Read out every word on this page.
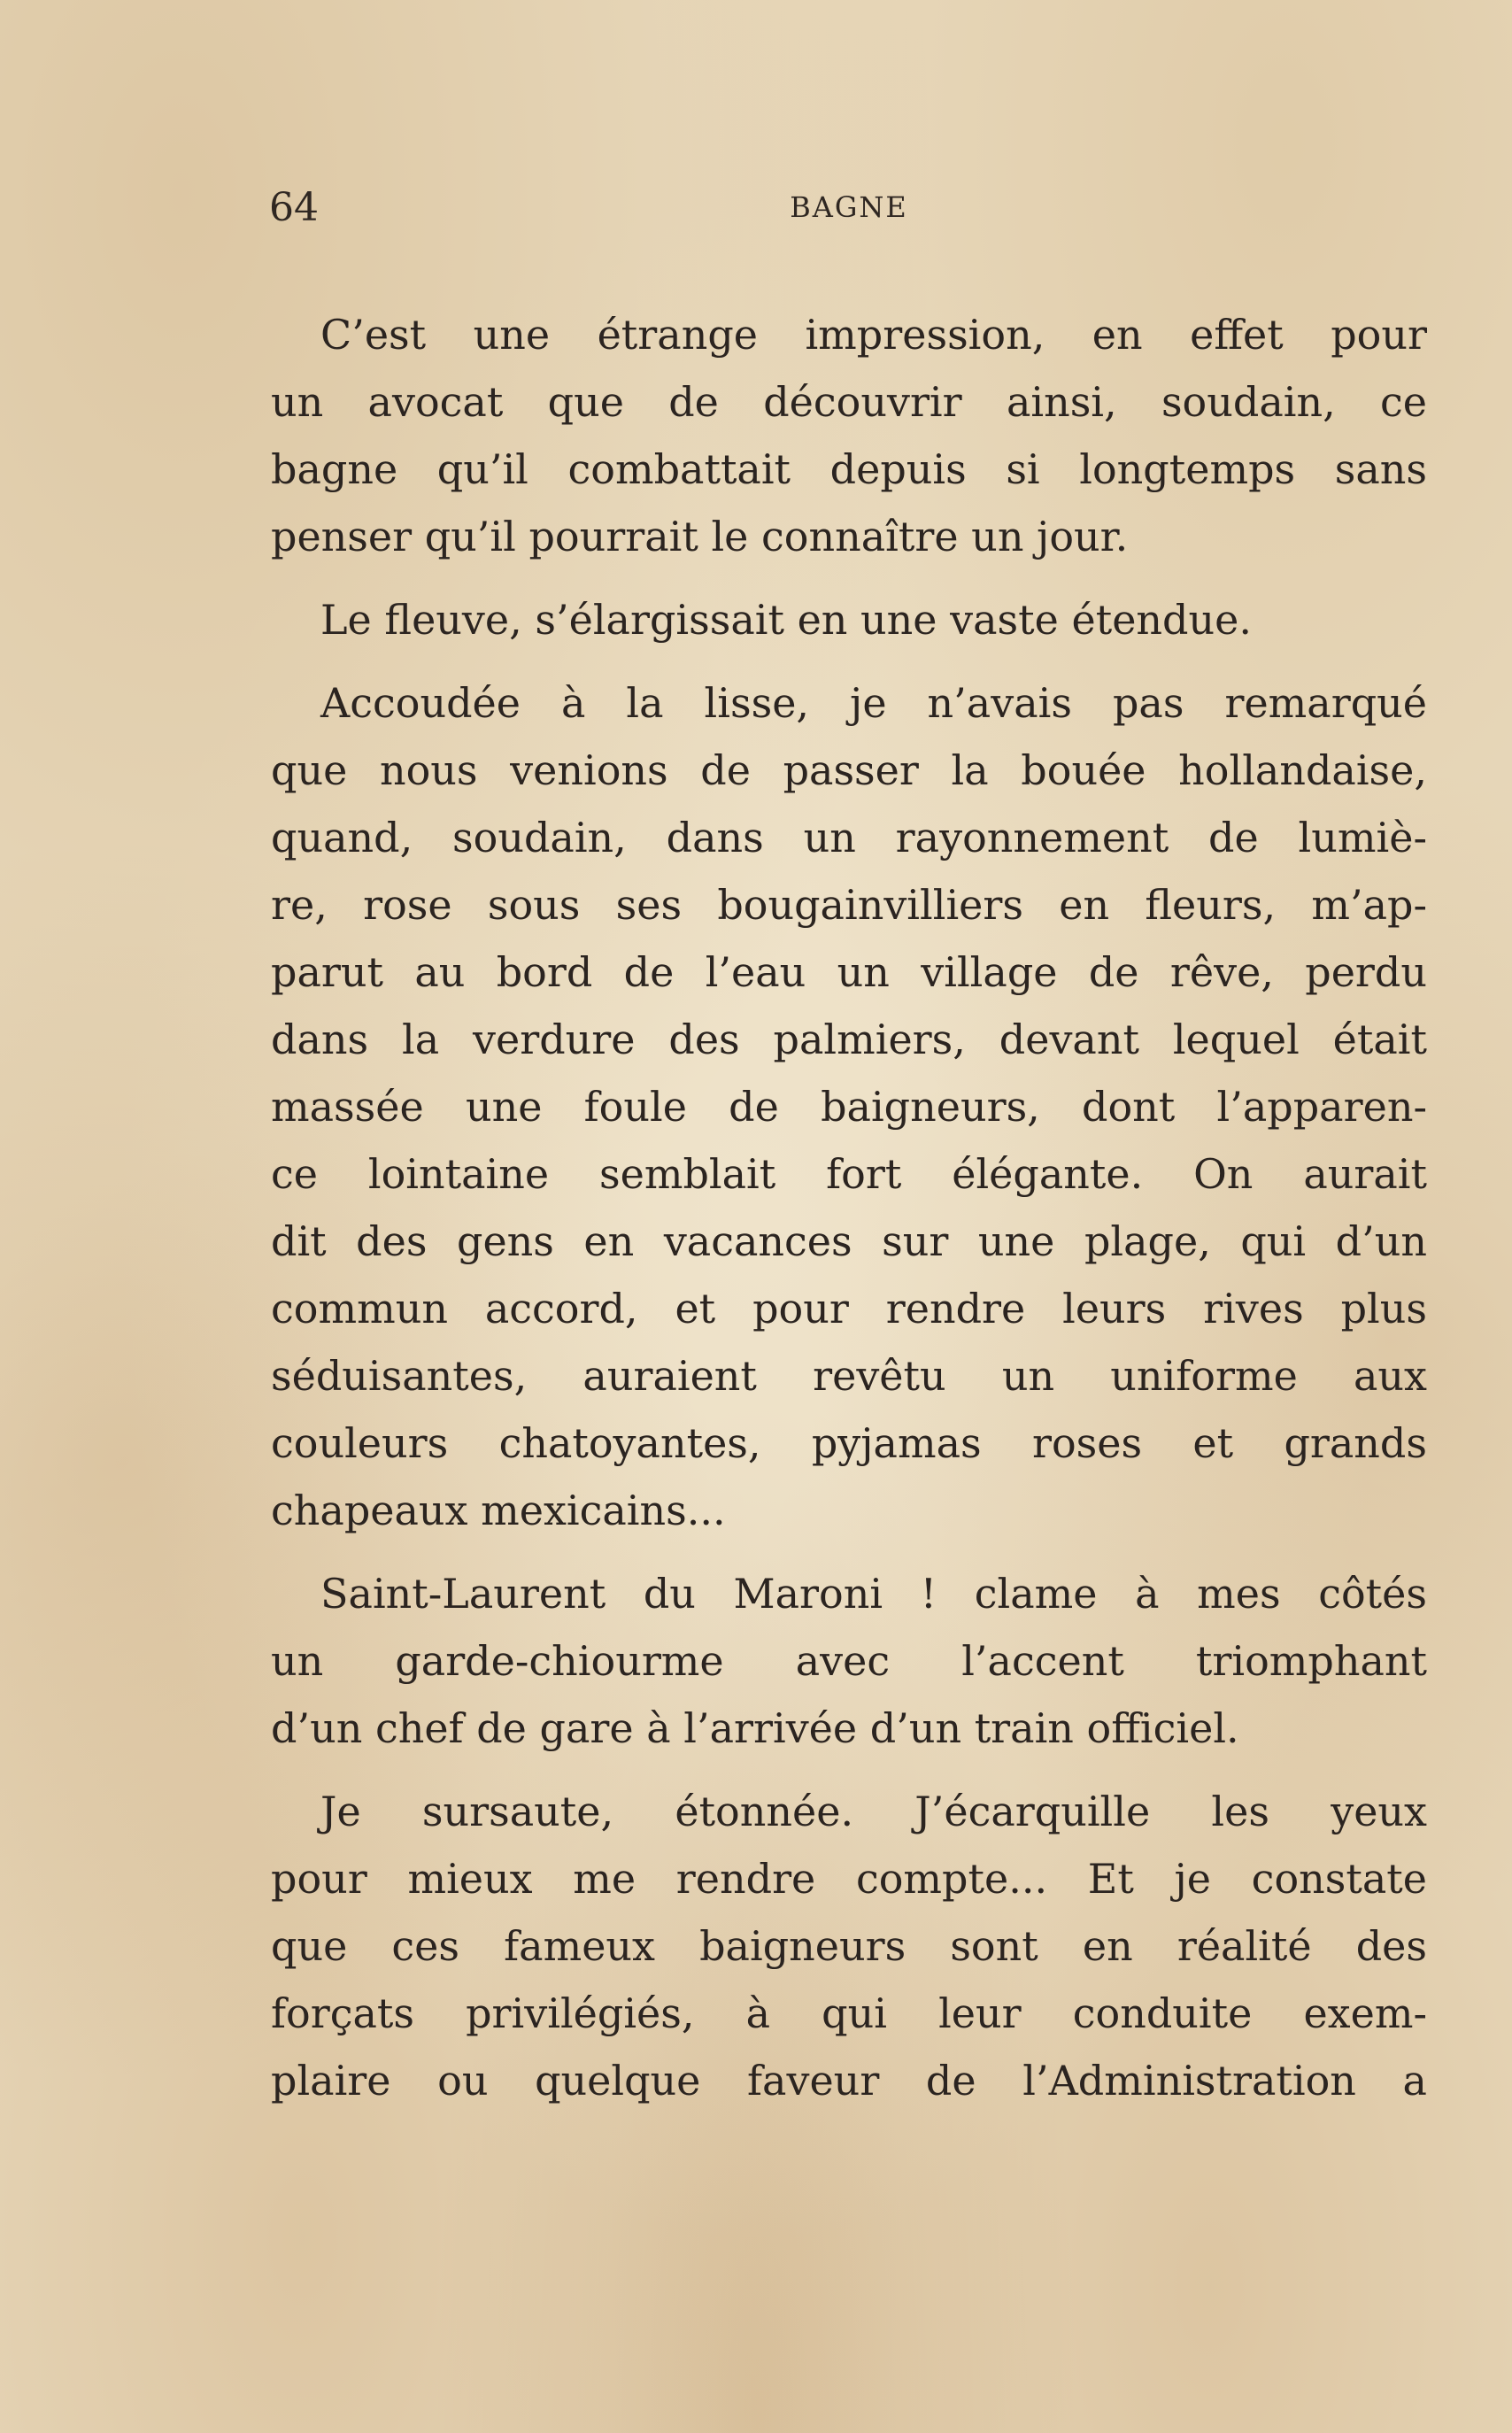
64	BAGNE

C’est une étrange impression, en effet pour
un avocat que de découvrir ainsi, soudain, ce
bagne qu’il combattait depuis si longtemps sans
penser qu’il pourrait le connaître un jour.

Le fleuve, s’élargissait en une vaste étendue.

Accoudée à la lisse, je n’avais pas remarqué
que nous venions de passer la bouée hollandaise,
quand, soudain, dans un rayonnement de lumiè-
re, rose sous ses bougainvilliers en fleurs, m’ap-
parut au bord de l’eau un village de rêve, perdu
dans la verdure des palmiers, devant lequel était
massée une foule de baigneurs, dont l’apparen-
ce lointaine semblait fort élégante. On aurait
dit des gens en vacances sur une plage, qui d’un
commun accord, et pour rendre leurs rives plus
séduisantes, auraient revêtu un uniforme aux
couleurs chatoyantes, pyjamas roses et grands
chapeaux mexicains...

Saint-Laurent du Maroni ! clame à mes côtés
un garde-chiourme avec l’accent triomphant
d’un chef de gare à l’arrivée d’un train officiel.

Je sursaute, étonnée. J’écarquille les yeux
pour mieux me rendre compte... Et je constate
que ces fameux baigneurs sont en réalité des
forçats privilégiés, à qui leur conduite exem-
plaire ou quelque faveur de l’Administration a
